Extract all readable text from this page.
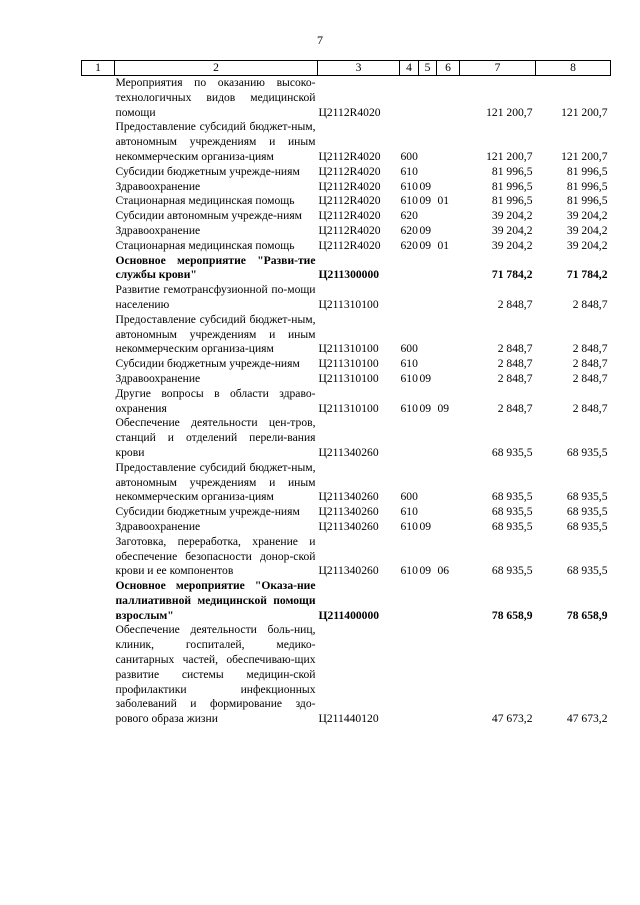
7
1	2	3	4	5	6	7	8
	Мероприятия по оказанию высоко-технологичных видов медицинской помощи	Ц2112R4020				121 200,7	121 200,7
	Предоставление субсидий бюджет-ным, автономным учреждениям и иным некоммерческим организа-циям	Ц2112R4020	600			121 200,7	121 200,7
	Субсидии бюджетным учрежде-ниям	Ц2112R4020	610			81 996,5	81 996,5
	Здравоохранение	Ц2112R4020	610	09		81 996,5	81 996,5
	Стационарная медицинская помощь	Ц2112R4020	610	09	01	81 996,5	81 996,5
	Субсидии автономным учрежде-ниям	Ц2112R4020	620			39 204,2	39 204,2
	Здравоохранение	Ц2112R4020	620	09		39 204,2	39 204,2
	Стационарная медицинская помощь	Ц2112R4020	620	09	01	39 204,2	39 204,2
	Основное мероприятие "Разви-тие службы крови"	Ц211300000				71 784,2	71 784,2
	Развитие гемотрансфузионной по-мощи населению	Ц211310100				2 848,7	2 848,7
	Предоставление субсидий бюджет-ным, автономным учреждениям и иным некоммерческим организа-циям	Ц211310100	600			2 848,7	2 848,7
	Субсидии бюджетным учрежде-ниям	Ц211310100	610			2 848,7	2 848,7
	Здравоохранение	Ц211310100	610	09		2 848,7	2 848,7
	Другие вопросы в области здраво-охранения	Ц211310100	610	09	09	2 848,7	2 848,7
	Обеспечение деятельности цен-тров, станций и отделений перели-вания крови	Ц211340260				68 935,5	68 935,5
	Предоставление субсидий бюджет-ным, автономным учреждениям и иным некоммерческим организа-циям	Ц211340260	600			68 935,5	68 935,5
	Субсидии бюджетным учрежде-ниям	Ц211340260	610			68 935,5	68 935,5
	Здравоохранение	Ц211340260	610	09		68 935,5	68 935,5
	Заготовка, переработка, хранение и обеспечение безопасности донор-ской крови и ее компонентов	Ц211340260	610	09	06	68 935,5	68 935,5
	Основное мероприятие "Оказа-ние паллиативной медицинской помощи взрослым"	Ц211400000				78 658,9	78 658,9
	Обеспечение деятельности боль-ниц, клиник, госпиталей, медико-санитарных частей, обеспечиваю-щих развитие системы медицин-ской профилактики инфекционных заболеваний и формирование здо-рового образа жизни	Ц211440120				47 673,2	47 673,2
